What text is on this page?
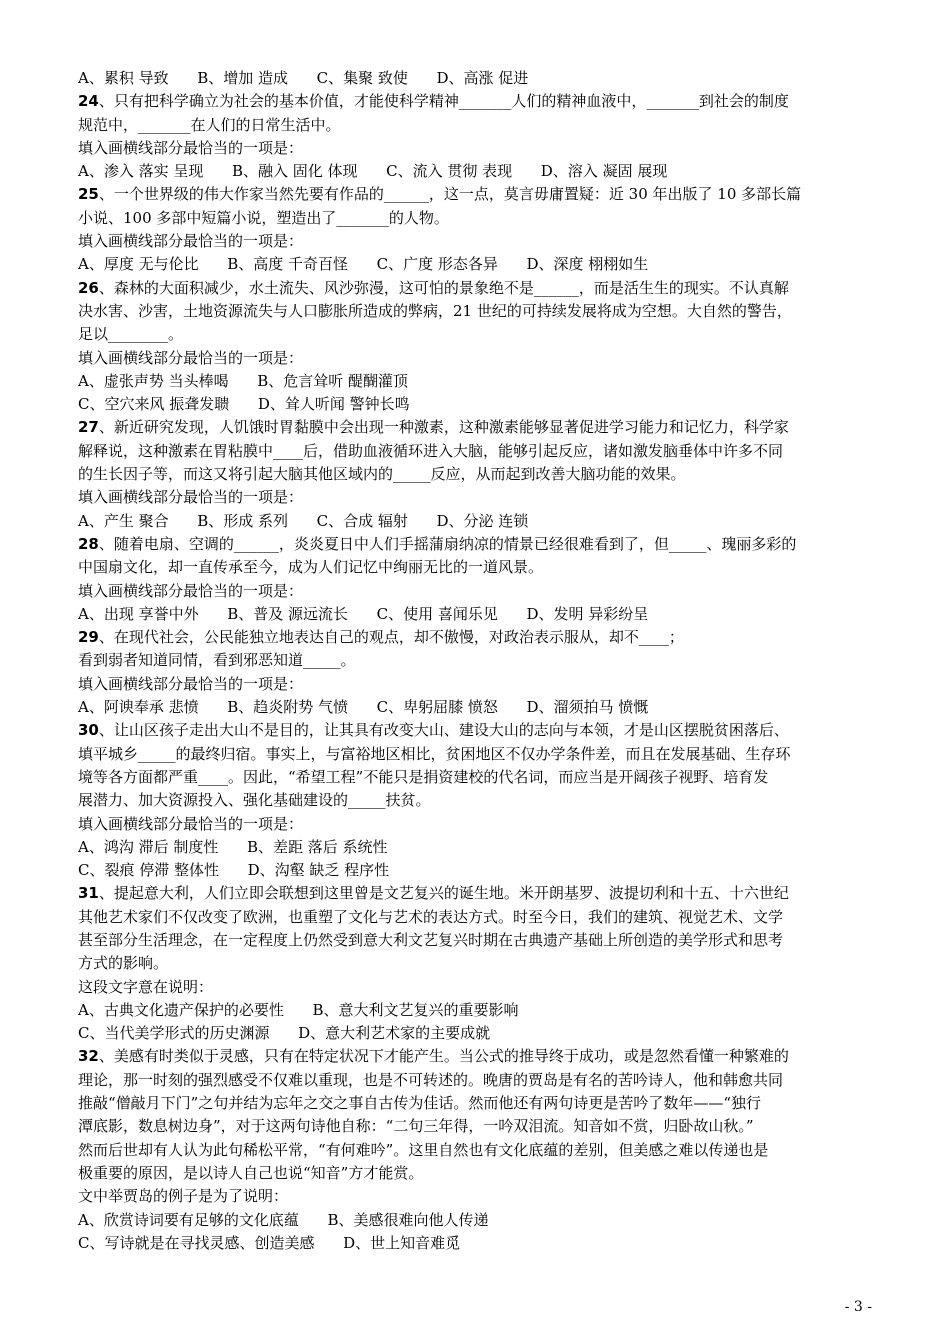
A、累积 导致      B、增加 造成      C、集聚 致使      D、高涨 促进
24、只有把科学确立为社会的基本价值，才能使科学精神_______人们的精神血液中，_______到社会的制度
规范中，_______在人们的日常生活中。
填入画横线部分最恰当的一项是：
A、渗入 落实 呈现      B、融入 固化 体现      C、流入 贯彻 表现      D、溶入 凝固 展现
25、一个世界级的伟大作家当然先要有作品的______，这一点，莫言毋庸置疑：近 30 年出版了 10 多部长篇
小说、100 多部中短篇小说，塑造出了_______的人物。
填入画横线部分最恰当的一项是：
A、厚度 无与伦比      B、高度 千奇百怪      C、广度 形态各异      D、深度 栩栩如生
26、森林的大面积减少，水土流失、风沙弥漫，这可怕的景象绝不是______，而是活生生的现实。不认真解
决水害、沙害，土地资源流失与人口膨胀所造成的弊病，21 世纪的可持续发展将成为空想。大自然的警告，
足以________。
填入画横线部分最恰当的一项是：
A、虚张声势 当头棒喝      B、危言耸听 醍醐灌顶
C、空穴来风 振聋发聩      D、耸人听闻 警钟长鸣
27、新近研究发现，人饥饿时胃黏膜中会出现一种激素，这种激素能够显著促进学习能力和记忆力，科学家
解释说，这种激素在胃粘膜中____后，借助血液循环进入大脑，能够引起反应，诸如激发脑垂体中许多不同
的生长因子等，而这又将引起大脑其他区域内的_____反应，从而起到改善大脑功能的效果。
填入画横线部分最恰当的一项是：
A、产生 聚合      B、形成 系列      C、合成 辐射      D、分泌 连锁
28、随着电扇、空调的______，炎炎夏日中人们手摇蒲扇纳凉的情景已经很难看到了，但_____、瑰丽多彩的
中国扇文化，却一直传承至今，成为人们记忆中绚丽无比的一道风景。
填入画横线部分最恰当的一项是：
A、出现 享誉中外      B、普及 源远流长      C、使用 喜闻乐见      D、发明 异彩纷呈
29、在现代社会，公民能独立地表达自己的观点，却不傲慢，对政治表示服从，却不____；
看到弱者知道同情，看到邪恶知道_____。
填入画横线部分最恰当的一项是：
A、阿谀奉承 悲愤      B、趋炎附势 气愤      C、卑躬屈膝 愤怒      D、溜须拍马 愤慨
30、让山区孩子走出大山不是目的，让其具有改变大山、建设大山的志向与本领，才是山区摆脱贫困落后、
填平城乡_____的最终归宿。事实上，与富裕地区相比，贫困地区不仅办学条件差，而且在发展基础、生存环
境等各方面都严重____。因此，“希望工程”不能只是捐资建校的代名词，而应当是开阔孩子视野、培育发
展潜力、加大资源投入、强化基础建设的_____扶贫。
填入画横线部分最恰当的一项是：
A、鸿沟 滞后 制度性      B、差距 落后 系统性
C、裂痕 停滞 整体性      D、沟壑 缺乏 程序性
31、提起意大利，人们立即会联想到这里曾是文艺复兴的诞生地。米开朗基罗、波提切利和十五、十六世纪
其他艺术家们不仅改变了欧洲，也重塑了文化与艺术的表达方式。时至今日，我们的建筑、视觉艺术、文学
甚至部分生活理念，在一定程度上仍然受到意大利文艺复兴时期在古典遗产基础上所创造的美学形式和思考
方式的影响。
这段文字意在说明：
A、古典文化遗产保护的必要性      B、意大利文艺复兴的重要影响
C、当代美学形式的历史渊源      D、意大利艺术家的主要成就
32、美感有时类似于灵感，只有在特定状况下才能产生。当公式的推导终于成功，或是忽然看懂一种繁难的
理论，那一时刻的强烈感受不仅难以重现，也是不可转述的。晚唐的贾岛是有名的苦吟诗人，他和韩愈共同
推敲“僧敲月下门”之句并结为忘年之交之事自古传为佳话。然而他还有两句诗更是苦吟了数年——“独行
潭底影，数息树边身”，对于这两句诗他自称：“二句三年得，一吟双泪流。知音如不赏，归卧故山秋。”
然而后世却有人认为此句稀松平常，“有何难吟”。这里自然也有文化底蕴的差别，但美感之难以传递也是
极重要的原因，是以诗人自己也说“知音”方才能赏。
文中举贾岛的例子是为了说明：
A、欣赏诗词要有足够的文化底蕴      B、美感很难向他人传递
C、写诗就是在寻找灵感、创造美感      D、世上知音难觅
- 3 -
